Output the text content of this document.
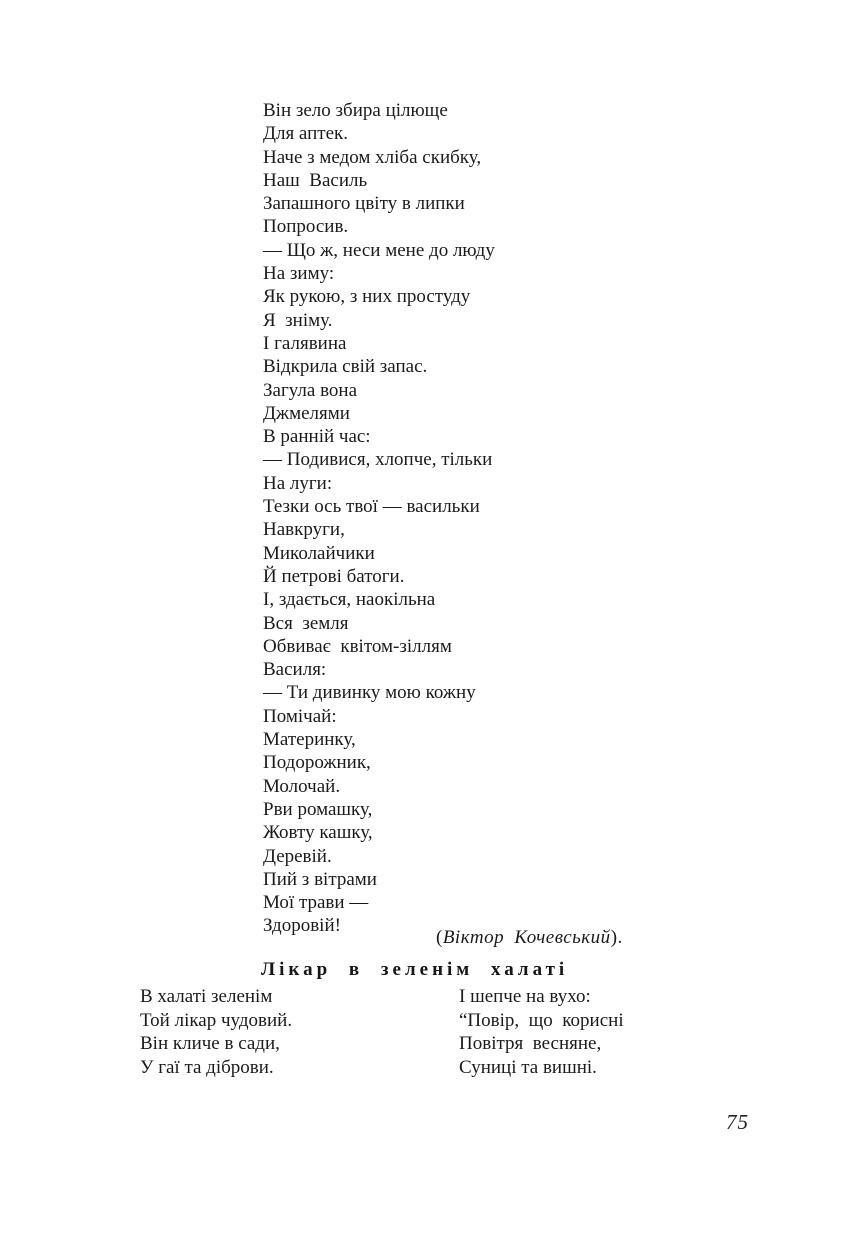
Він зело збира цілюще
Для аптек.
Наче з медом хліба скибку,
Наш  Василь
Запашного цвіту в липки
Попросив.
— Що ж, неси мене до люду
На зиму:
Як рукою, з них простуду
Я  зніму.
І галявина
Відкрила свій запас.
Загула вона
Джмелями
В ранній час:
— Подивися, хлопче, тільки
На луги:
Тезки ось твої — васильки
Навкруги,
Миколайчики
Й петрові батоги.
І, здається, наокільна
Вся  земля
Обвиває  квітом-зіллям
Василя:
— Ти дивинку мою кожну
Помічай:
Материнку,
Подорожник,
Молочай.
Рви ромашку,
Жовту кашку,
Деревій.
Пий з вітрами
Мої трави —
Здоровій!
(Віктор Кочевський).
Лікар в зеленім халаті
В халаті зеленім
Той лікар чудовий.
Він кличе в сади,
У гаї та діброви.
І шепче на вухо:
“Повір,  що  корисні
Повітря  весняне,
Суниці та вишні.
75
